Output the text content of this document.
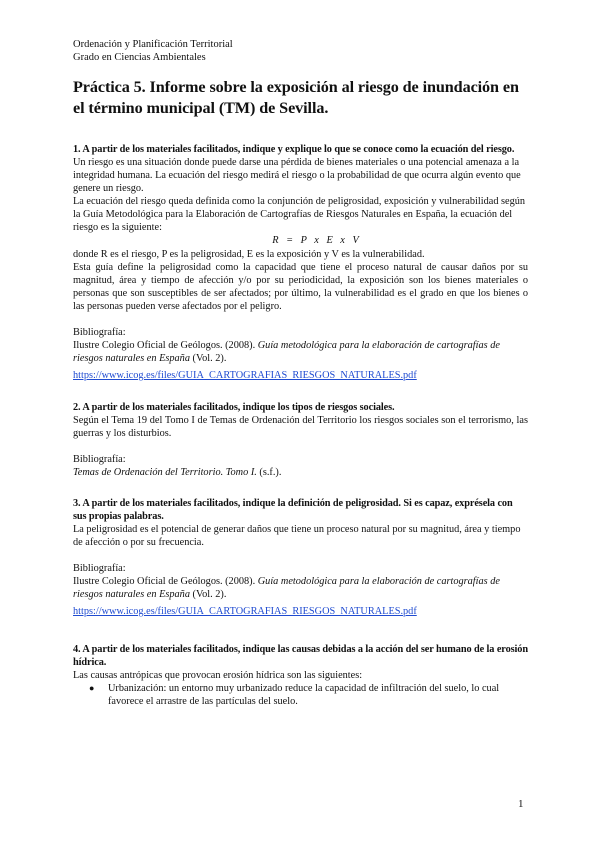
Ordenación y Planificación Territorial
Grado en Ciencias Ambientales
Práctica 5. Informe sobre la exposición al riesgo de inundación en el término municipal (TM) de Sevilla.

1. A partir de los materiales facilitados, indique y explique lo que se conoce como la ecuación del riesgo.

Un riesgo es una situación donde puede darse una pérdida de bienes materiales o una potencial amenaza a la integridad humana. La ecuación del riesgo medirá el riesgo o la probabilidad de que ocurra algún evento que genere un riesgo.

La ecuación del riesgo queda definida como la conjunción de peligrosidad, exposición y vulnerabilidad según la Guía Metodológica para la Elaboración de Cartografías de Riesgos Naturales en España, la ecuación del riesgo es la siguiente:

R = P x E x V

donde R es el riesgo, P es la peligrosidad, E es la exposición y V es la vulnerabilidad.

Esta guía define la peligrosidad como la capacidad que tiene el proceso natural de causar daños por su magnitud, área y tiempo de afección y/o por su periodicidad, la exposición son los bienes materiales o personas que son susceptibles de ser afectados; por último, la vulnerabilidad es el grado en que los bienes o las personas pueden verse afectados por el peligro.

Bibliografía:

Ilustre Colegio Oficial de Geólogos. (2008). Guía metodológica para la elaboración de cartografías de riesgos naturales en España (Vol. 2).

https://www.icog.es/files/GUIA_CARTOGRAFIAS_RIESGOS_NATURALES.pdf

2. A partir de los materiales facilitados, indique los tipos de riesgos sociales.

Según el Tema 19 del Tomo I de Temas de Ordenación del Territorio los riesgos sociales son el terrorismo, las guerras y los disturbios.

Bibliografía:

Temas de Ordenación del Territorio. Tomo I. (s.f.).

3. A partir de los materiales facilitados, indique la definición de peligrosidad. Si es capaz, exprésela con sus propias palabras.

La peligrosidad es el potencial de generar daños que tiene un proceso natural por su magnitud, área y tiempo de afección o por su frecuencia.

Bibliografía:

Ilustre Colegio Oficial de Geólogos. (2008). Guía metodológica para la elaboración de cartografías de riesgos naturales en España (Vol. 2).

https://www.icog.es/files/GUIA_CARTOGRAFIAS_RIESGOS_NATURALES.pdf

4. A partir de los materiales facilitados, indique las causas debidas a la acción del ser humano de la erosión hídrica.

Las causas antrópicas que provocan erosión hídrica son las siguientes:

● Urbanización: un entorno muy urbanizado reduce la capacidad de infiltración del suelo, lo cual favorece el arrastre de las partículas del suelo.
1
